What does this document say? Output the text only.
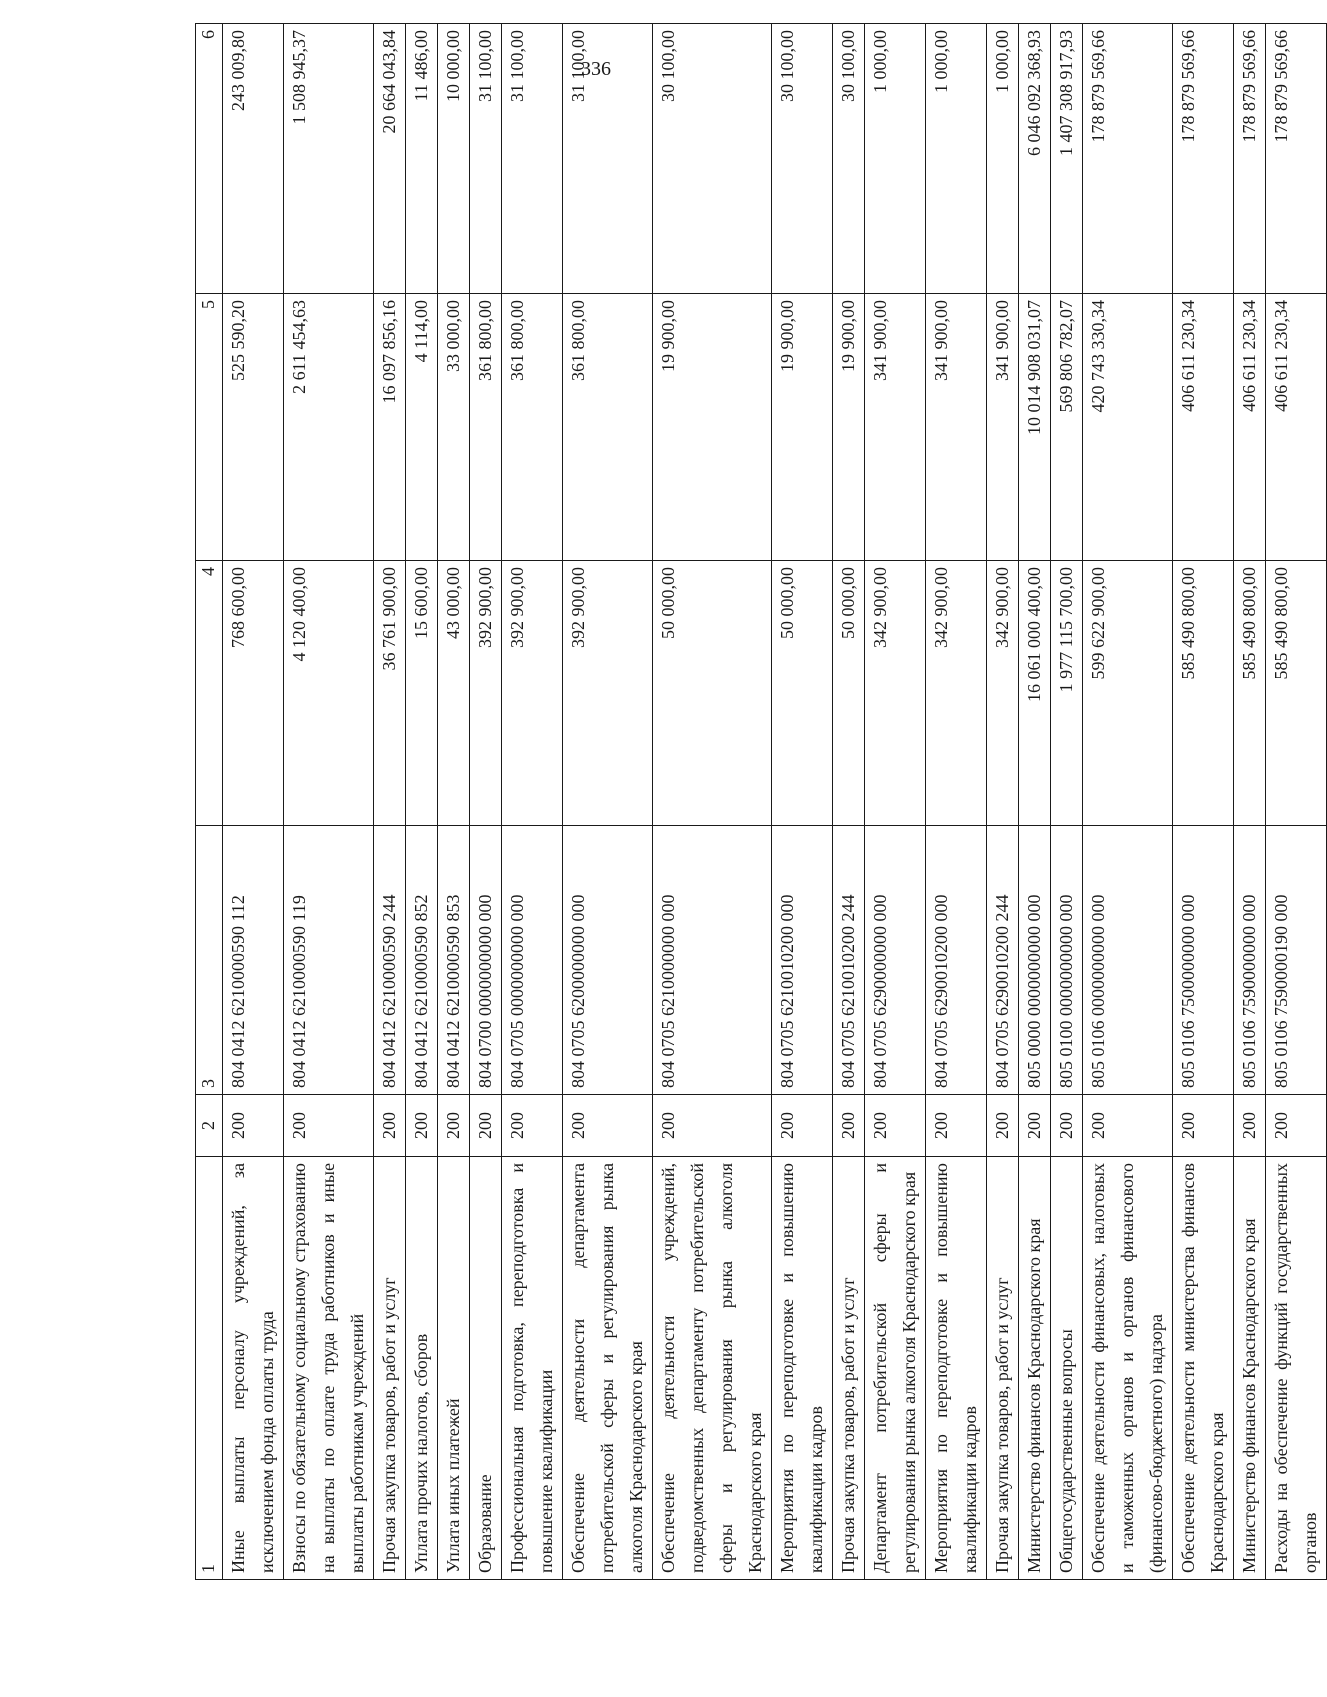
336
1	2	3	4	5	6
Иные выплаты персоналу учреждений, за исключением фонда оплаты труда	200	804 0412 6210000590 112	768 600,00	525 590,20	243 009,80
Взносы по обязательному социальному страхованию на выплаты по оплате труда работников и иные выплаты работникам учреждений	200	804 0412 6210000590 119	4 120 400,00	2 611 454,63	1 508 945,37
Прочая закупка товаров, работ и услуг	200	804 0412 6210000590 244	36 761 900,00	16 097 856,16	20 664 043,84
Уплата прочих налогов, сборов	200	804 0412 6210000590 852	15 600,00	4 114,00	11 486,00
Уплата иных платежей	200	804 0412 6210000590 853	43 000,00	33 000,00	10 000,00
Образование	200	804 0700 0000000000 000	392 900,00	361 800,00	31 100,00
Профессиональная подготовка, переподготовка и повышение квалификации	200	804 0705 0000000000 000	392 900,00	361 800,00	31 100,00
Обеспечение деятельности департамента потребительской сферы и регулирования рынка алкоголя Краснодарского края	200	804 0705 6200000000 000	392 900,00	361 800,00	31 100,00
Обеспечение деятельности учреждений, подведомственных департаменту потребительской сферы и регулирования рынка алкоголя Краснодарского края	200	804 0705 6210000000 000	50 000,00	19 900,00	30 100,00
Мероприятия по переподготовке и повышению квалификации кадров	200	804 0705 6210010200 000	50 000,00	19 900,00	30 100,00
Прочая закупка товаров, работ и услуг	200	804 0705 6210010200 244	50 000,00	19 900,00	30 100,00
Департамент потребительской сферы и регулирования рынка алкоголя Краснодарского края	200	804 0705 6290000000 000	342 900,00	341 900,00	1 000,00
Мероприятия по переподготовке и повышению квалификации кадров	200	804 0705 6290010200 000	342 900,00	341 900,00	1 000,00
Прочая закупка товаров, работ и услуг	200	804 0705 6290010200 244	342 900,00	341 900,00	1 000,00
Министерство финансов Краснодарского края	200	805 0000 0000000000 000	16 061 000 400,00	10 014 908 031,07	6 046 092 368,93
Общегосударственные вопросы	200	805 0100 0000000000 000	1 977 115 700,00	569 806 782,07	1 407 308 917,93
Обеспечение деятельности финансовых, налоговых и таможенных органов и органов финансового (финансово-бюджетного) надзора	200	805 0106 0000000000 000	599 622 900,00	420 743 330,34	178 879 569,66
Обеспечение деятельности министерства финансов Краснодарского края	200	805 0106 7500000000 000	585 490 800,00	406 611 230,34	178 879 569,66
Министерство финансов Краснодарского края	200	805 0106 7590000000 000	585 490 800,00	406 611 230,34	178 879 569,66
Расходы на обеспечение функций государственных органов	200	805 0106 7590000190 000	585 490 800,00	406 611 230,34	178 879 569,66
